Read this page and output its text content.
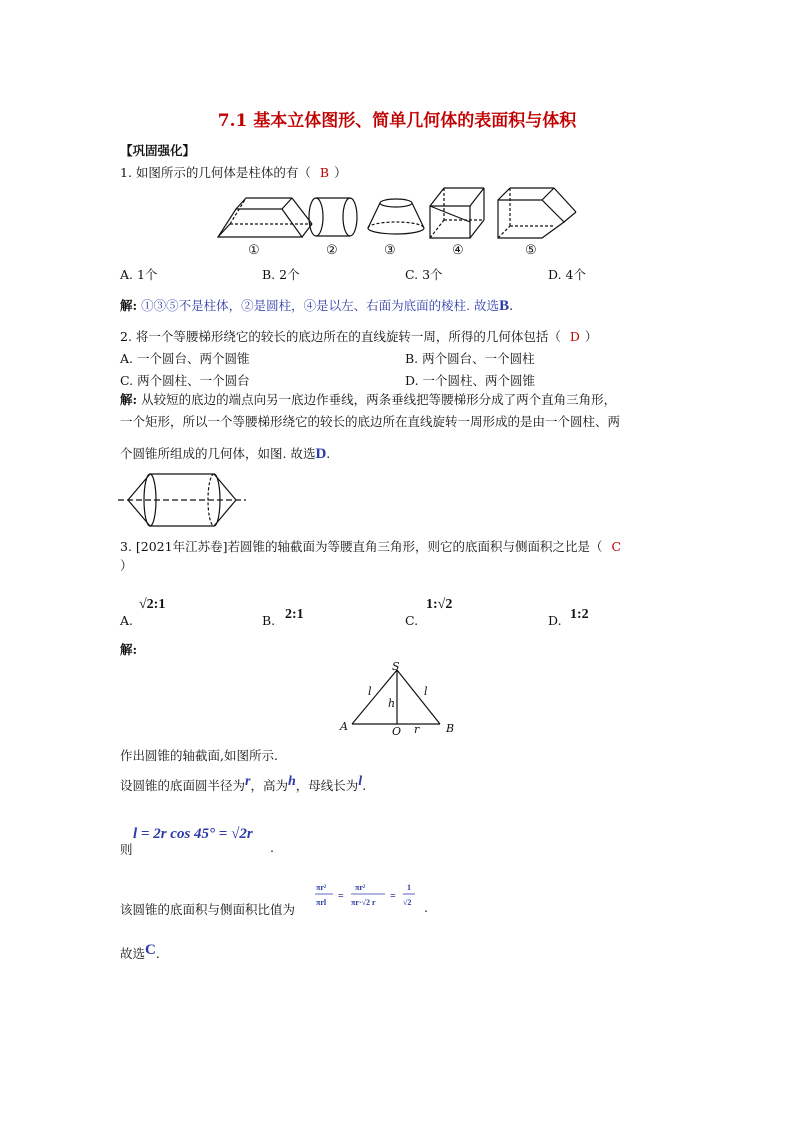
7.1 基本立体图形、简单几何体的表面积与体积
【巩固强化】
1. 如图所示的几何体是柱体的有（ B ）
①	②	③	④	⑤
A. 1个	B. 2个	C. 3个	D. 4个
解: ①③⑤不是柱体，②是圆柱，④是以左、右面为底面的棱柱. 故选B.
2. 将一个等腰梯形绕它的较长的底边所在的直线旋转一周，所得的几何体包括（ D ）
A. 一个圆台、两个圆锥	B. 两个圆台、一个圆柱
C. 两个圆柱、一个圆台	D. 一个圆柱、两个圆锥
解: 从较短的底边的端点向另一底边作垂线，两条垂线把等腰梯形分成了两个直角三角形，
一个矩形，所以一个等腰梯形绕它的较长的底边所在直线旋转一周形成的是由一个圆柱、两
个圆锥所组成的几何体，如图. 故选D.
3. [2021年江苏卷]若圆锥的轴截面为等腰直角三角形，则它的底面积与侧面积之比是（ C
）
A.
√2:1
B. 2:1	C.
1:√2
D. 1:2
解:
S
A	O	B
l	l
h
r
作出圆锥的轴截面,如图所示.
设圆锥的底面圆半径为r，高为h，母线长为l.
则
l = 2r cos 45° = √2r
.
该圆锥的底面积与侧面积比值为
πr²
πrl
=
πr²
πr·√2 r
=
1
√2 .
故选C.
